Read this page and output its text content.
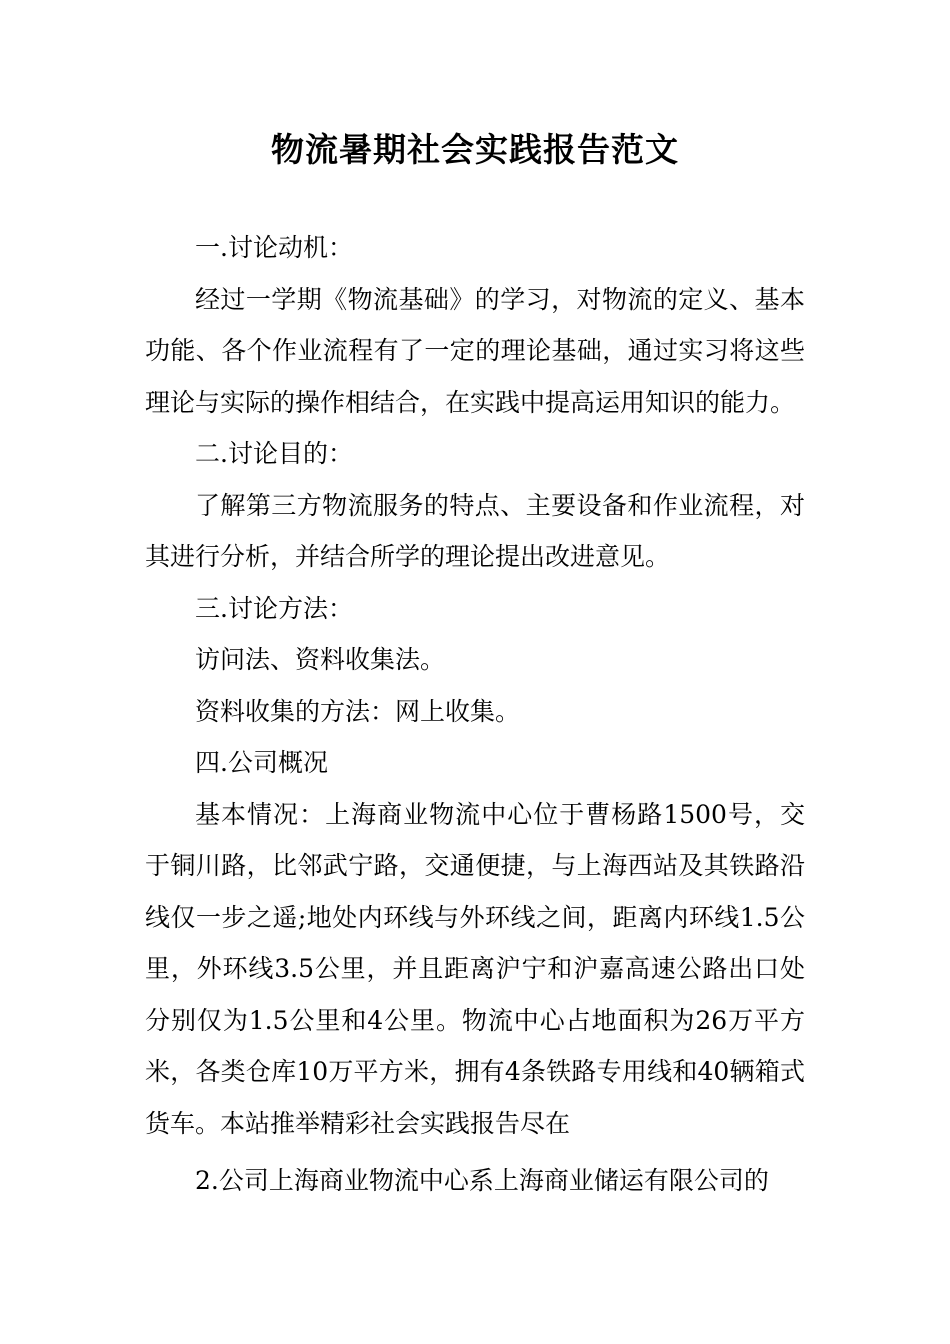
物流暑期社会实践报告范文

一.讨论动机：

经过一学期《物流基础》的学习，对物流的定义、基本功能、各个作业流程有了一定的理论基础，通过实习将这些理论与实际的操作相结合，在实践中提高运用知识的能力。

二.讨论目的：

了解第三方物流服务的特点、主要设备和作业流程，对其进行分析，并结合所学的理论提出改进意见。

三.讨论方法：

访问法、资料收集法。

资料收集的方法：网上收集。

四.公司概况

基本情况：上海商业物流中心位于曹杨路1500号，交于铜川路，比邻武宁路，交通便捷，与上海西站及其铁路沿线仅一步之遥;地处内环线与外环线之间，距离内环线1.5公里，外环线3.5公里，并且距离沪宁和沪嘉高速公路出口处分别仅为1.5公里和4公里。物流中心占地面积为26万平方米，各类仓库10万平方米，拥有4条铁路专用线和40辆箱式货车。本站推举精彩社会实践报告尽在

2.公司上海商业物流中心系上海商业储运有限公司的
